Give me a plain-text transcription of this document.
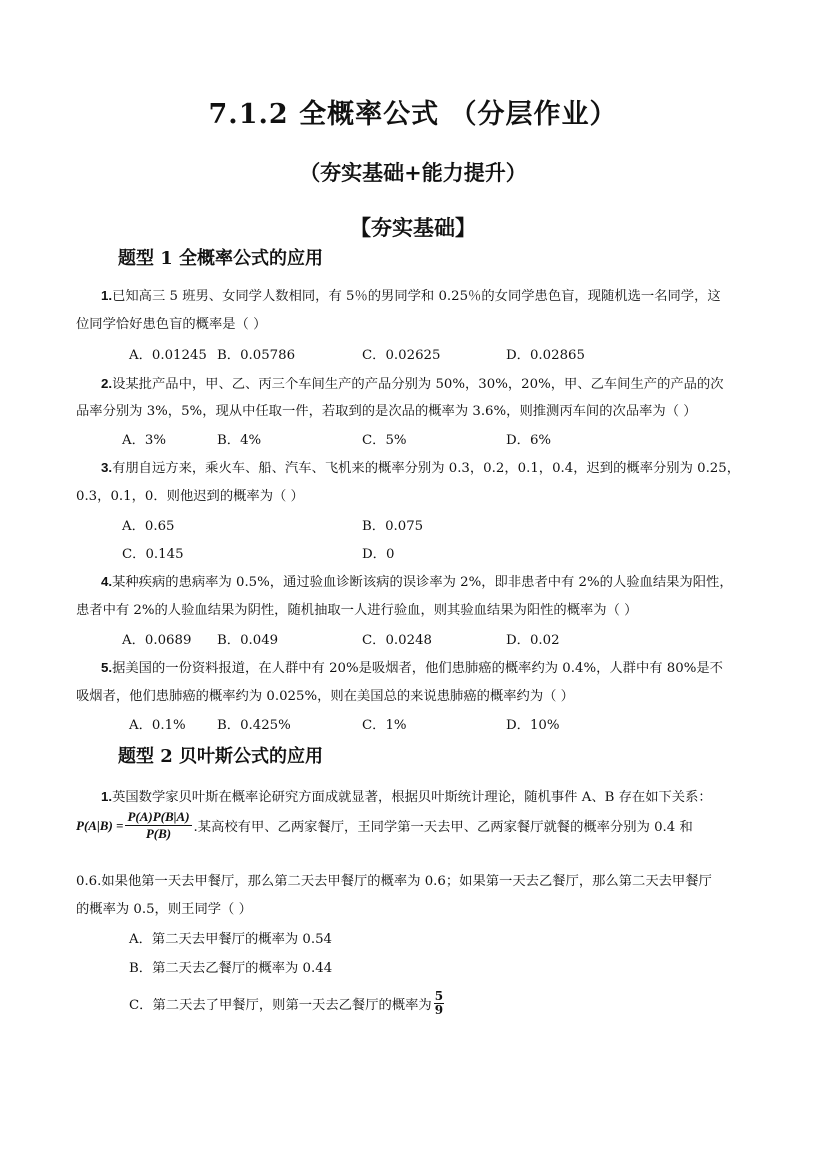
7.1.2 全概率公式 （分层作业）
（夯实基础+能力提升）
【夯实基础】
题型 1 全概率公式的应用
1.已知高三 5 班男、女同学人数相同，有 5％的男同学和 0.25％的女同学患色盲，现随机选一名同学，这
位同学恰好患色盲的概率是（ ）
A．0.01245 B．0.05786	C．0.02625	D．0.02865
2.设某批产品中，甲、乙、丙三个车间生产的产品分别为 50%，30%，20%，甲、乙车间生产的产品的次
品率分别为 3%，5%，现从中任取一件，若取到的是次品的概率为 3.6%，则推测丙车间的次品率为（ ）
A．3%	B．4%	C．5%	D．6%
3.有朋自远方来，乘火车、船、汽车、飞机来的概率分别为 0.3，0.2，0.1，0.4，迟到的概率分别为 0.25，
0.3，0.1，0．则他迟到的概率为（ ）
A．0.65	B．0.075
C．0.145	D．0
4.某种疾病的患病率为 0.5%，通过验血诊断该病的误诊率为 2%，即非患者中有 2%的人验血结果为阳性，
患者中有 2%的人验血结果为阴性，随机抽取一人进行验血，则其验血结果为阳性的概率为（ ）
A．0.0689 B．0.049	C．0.0248	D．0.02
5.据美国的一份资料报道，在人群中有 20%是吸烟者，他们患肺癌的概率约为 0.4%，人群中有 80%是不
吸烟者，他们患肺癌的概率约为 0.025%，则在美国总的来说患肺癌的概率约为（ ）
A．0.1% B．0.425%	C．1%	D．10%
题型 2 贝叶斯公式的应用
1.英国数学家贝叶斯在概率论研究方面成就显著，根据贝叶斯统计理论，随机事件 A、B 存在如下关系：
$P(A|B) = \frac{P(A)P(B|A)}{P(B)}$ .某高校有甲、乙两家餐厅，王同学第一天去甲、乙两家餐厅就餐的概率分别为 0.4 和
0.6.如果他第一天去甲餐厅，那么第二天去甲餐厅的概率为 0.6；如果第一天去乙餐厅，那么第二天去甲餐厅
的概率为 0.5，则王同学（ ）
A．第二天去甲餐厅的概率为 0.54
B．第二天去乙餐厅的概率为 0.44
C．第二天去了甲餐厅，则第一天去乙餐厅的概率为 $\frac{5}{9}$
